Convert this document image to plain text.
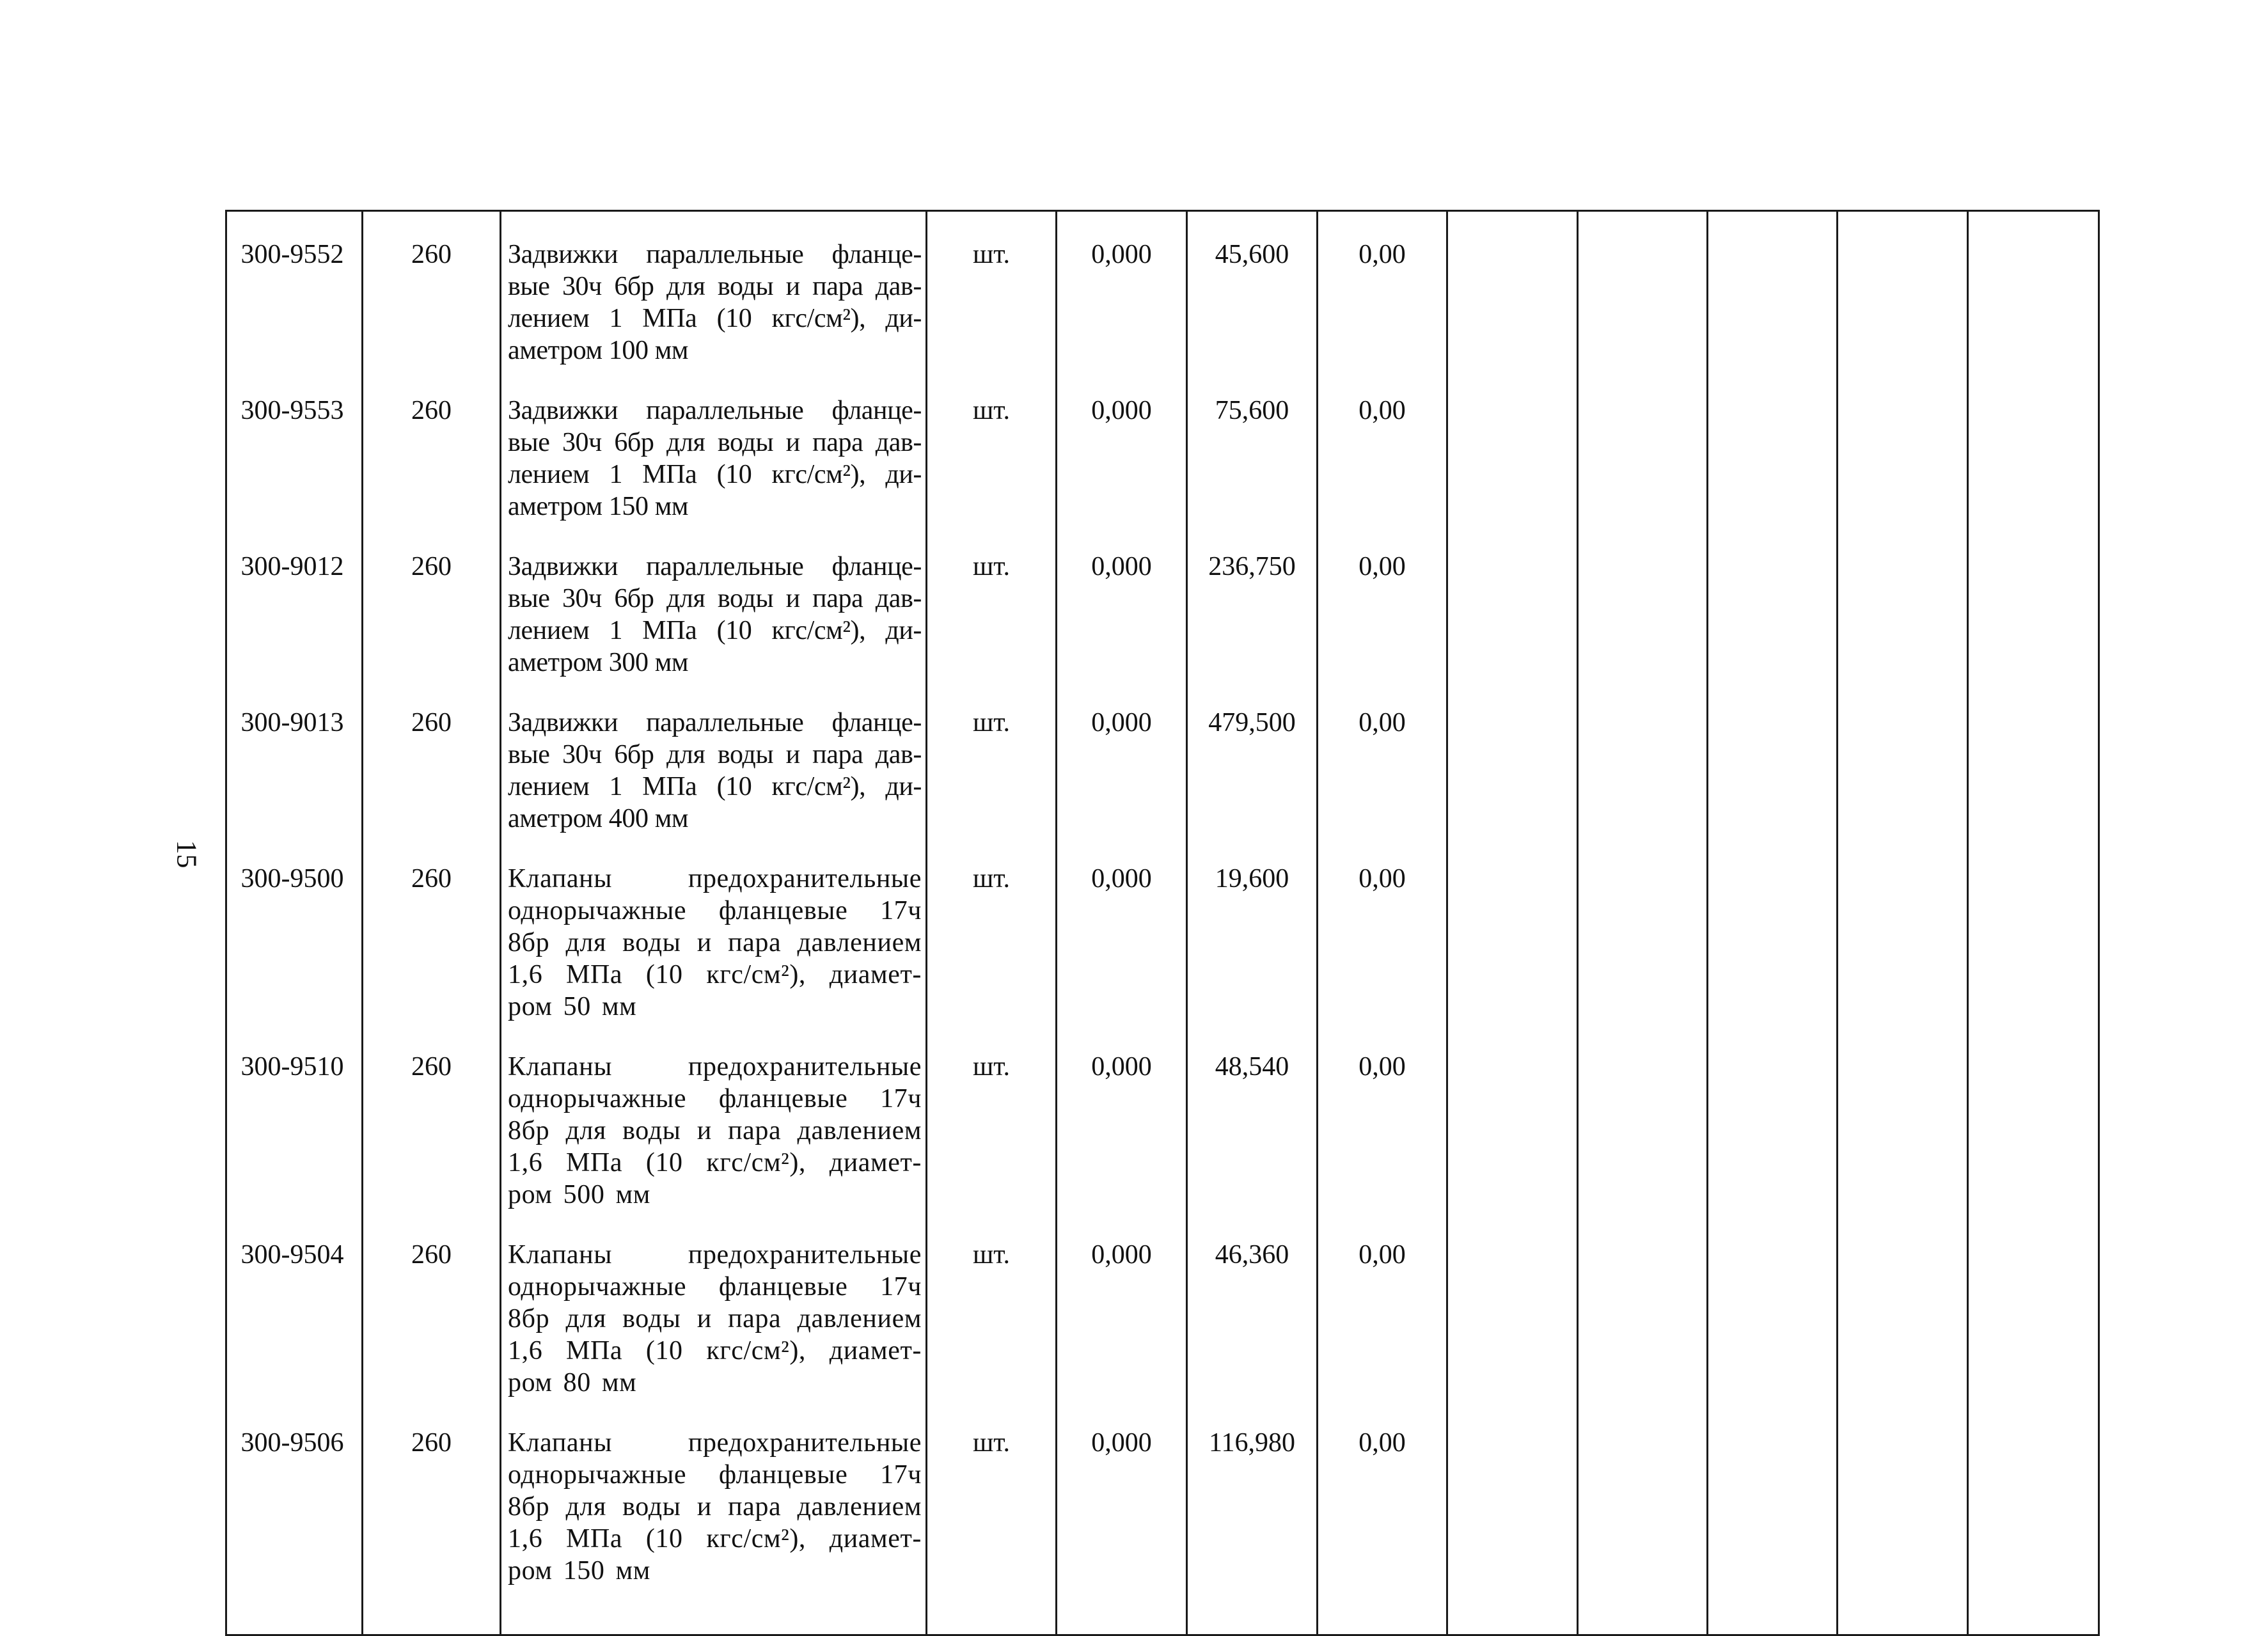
15
300-9552	260	Задвижки параллельные фланце-
вые 30ч 6бр для воды и пара дав-
лением 1 МПа (10 кгс/см²), ди-
аметром 100 мм	шт.	0,000	45,600	0,00					
300-9553	260	Задвижки параллельные фланце-
вые 30ч 6бр для воды и пара дав-
лением 1 МПа (10 кгс/см²), ди-
аметром 150 мм	шт.	0,000	75,600	0,00					
300-9012	260	Задвижки параллельные фланце-
вые 30ч 6бр для воды и пара дав-
лением 1 МПа (10 кгс/см²), ди-
аметром 300 мм	шт.	0,000	236,750	0,00					
300-9013	260	Задвижки параллельные фланце-
вые 30ч 6бр для воды и пара дав-
лением 1 МПа (10 кгс/см²), ди-
аметром 400 мм	шт.	0,000	479,500	0,00					
300-9500	260	Клапаны предохранительные
однорычажные фланцевые 17ч
8бр для воды и пара давлением
1,6 МПа (10 кгс/см²), диамет-
ром 50 мм	шт.	0,000	19,600	0,00					
300-9510	260	Клапаны предохранительные
однорычажные фланцевые 17ч
8бр для воды и пара давлением
1,6 МПа (10 кгс/см²), диамет-
ром 500 мм	шт.	0,000	48,540	0,00					
300-9504	260	Клапаны предохранительные
однорычажные фланцевые 17ч
8бр для воды и пара давлением
1,6 МПа (10 кгс/см²), диамет-
ром 80 мм	шт.	0,000	46,360	0,00					
300-9506	260	Клапаны предохранительные
однорычажные фланцевые 17ч
8бр для воды и пара давлением
1,6 МПа (10 кгс/см²), диамет-
ром 150 мм	шт.	0,000	116,980	0,00					
